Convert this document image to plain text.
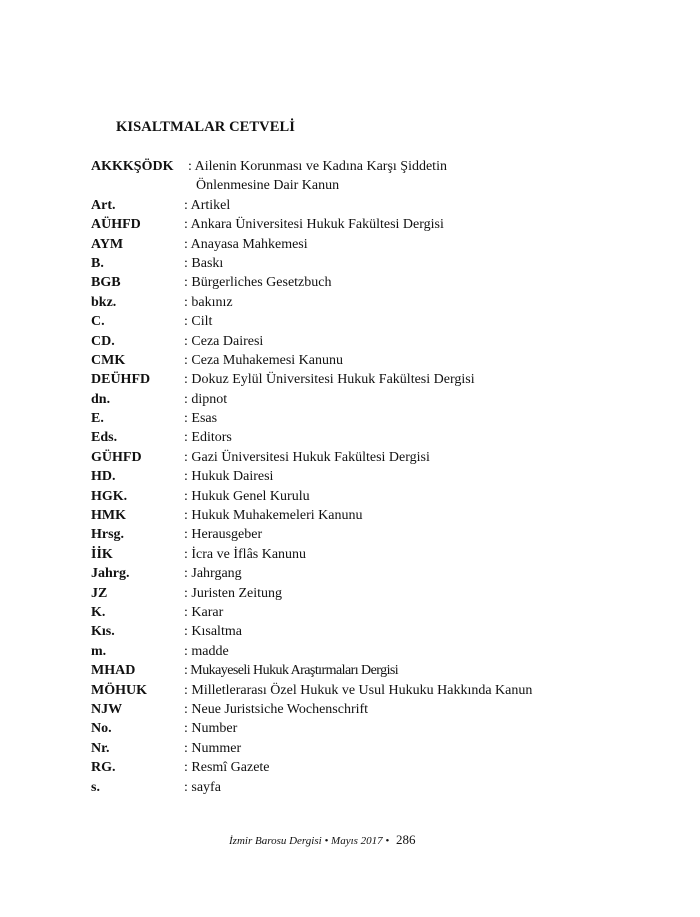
KISALTMALAR CETVELİ
AKKKŞÖDK : Ailenin Korunması ve Kadına Karşı Şiddetin
Önlenmesine Dair Kanun
Art.	: Artikel
AÜHFD	: Ankara Üniversitesi Hukuk Fakültesi Dergisi
AYM	: Anayasa Mahkemesi
B.	: Baskı
BGB	: Bürgerliches Gesetzbuch
bkz.	: bakınız
C.	: Cilt
CD.	: Ceza Dairesi
CMK	: Ceza Muhakemesi Kanunu
DEÜHFD : Dokuz Eylül Üniversitesi Hukuk Fakültesi Dergisi
dn.	: dipnot
E.	: Esas
Eds.	: Editors
GÜHFD	: Gazi Üniversitesi Hukuk Fakültesi Dergisi
HD.	: Hukuk Dairesi
HGK.	: Hukuk Genel Kurulu
HMK	: Hukuk Muhakemeleri Kanunu
Hrsg.	: Herausgeber
İİK	: İcra ve İflâs Kanunu
Jahrg.	: Jahrgang
JZ	: Juristen Zeitung
K.	: Karar
Kıs.	: Kısaltma
m.	: madde
MHAD	: Mukayeseli Hukuk Araştırmaları Dergisi
MÖHUK	: Milletlerarası Özel Hukuk ve Usul Hukuku Hakkında Kanun
NJW	: Neue Juristsiche Wochenschrift
No.	: Number
Nr.	: Nummer
RG.	: Resmî Gazete
s.	: sayfa
İzmir Barosu Dergisi • Mayıs 2017 • 286
